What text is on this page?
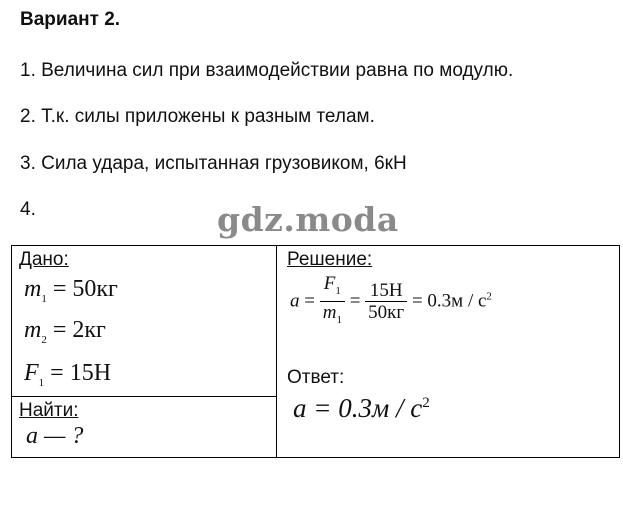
Вариант 2.
1. Величина сил при взаимодействии равна по модулю.
2. Т.к. силы приложены к разным телам.
3. Сила удара, испытанная грузовиком, 6кН
4.	gdz.moda
Дано:
$m_1 = 50кг$
$m_2 = 2кг$
$F_1 = 15Н$
Найти:
a — ?
Решение:
$a = \frac{F_1}{m_1} = \frac{15Н}{50кг} = 0.3м / с^2$
Ответ:
$a = 0.3м / с^2$
